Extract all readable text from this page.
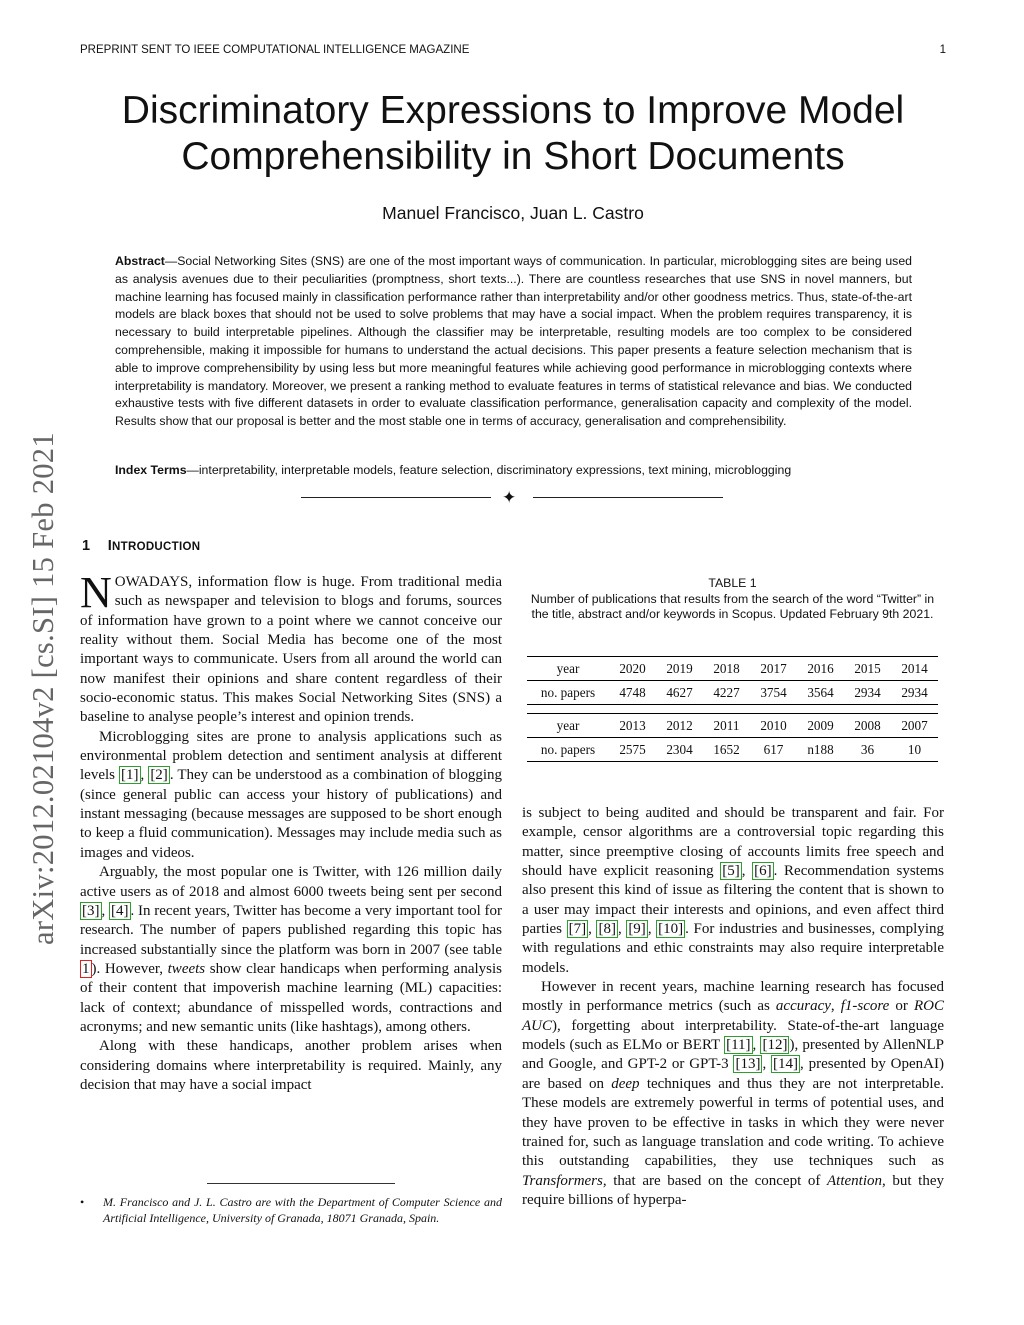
PREPRINT SENT TO IEEE COMPUTATIONAL INTELLIGENCE MAGAZINE	1
arXiv:2012.02104v2 [cs.SI] 15 Feb 2021
Discriminatory Expressions to Improve Model Comprehensibility in Short Documents
Manuel Francisco, Juan L. Castro

Abstract—Social Networking Sites (SNS) are one of the most important ways of communication. In particular, microblogging sites are being used as analysis avenues due to their peculiarities (promptness, short texts...). There are countless researches that use SNS in novel manners, but machine learning has focused mainly in classification performance rather than interpretability and/or other goodness metrics. Thus, state-of-the-art models are black boxes that should not be used to solve problems that may have a social impact. When the problem requires transparency, it is necessary to build interpretable pipelines. Although the classifier may be interpretable, resulting models are too complex to be considered comprehensible, making it impossible for humans to understand the actual decisions. This paper presents a feature selection mechanism that is able to improve comprehensibility by using less but more meaningful features while achieving good performance in microblogging contexts where interpretability is mandatory. Moreover, we present a ranking method to evaluate features in terms of statistical relevance and bias. We conducted exhaustive tests with five different datasets in order to evaluate classification performance, generalisation capacity and complexity of the model. Results show that our proposal is better and the most stable one in terms of accuracy, generalisation and comprehensibility.

Index Terms—interpretability, interpretable models, feature selection, discriminatory expressions, text mining, microblogging

✦
1 INTRODUCTION

NOWADAYS, information flow is huge. From traditional media such as newspaper and television to blogs and forums, sources of information have grown to a point where we cannot conceive our reality without them. Social Media has become one of the most important ways to communicate. Users from all around the world can now manifest their opinions and share content regardless of their socio-economic status. This makes Social Networking Sites (SNS) a baseline to analyse people’s interest and opinion trends.

Microblogging sites are prone to analysis applications such as environmental problem detection and sentiment analysis at different levels [1] , [2] . They can be understood as a combination of blogging (since general public can access your history of publications) and instant messaging (because messages are supposed to be short enough to keep a fluid communication). Messages may include media such as images and videos.

Arguably, the most popular one is Twitter, with 126 million daily active users as of 2018 and almost 6000 tweets being sent per second [3] , [4] . In recent years, Twitter has become a very important tool for research. The number of papers published regarding this topic has increased substantially since the platform was born in 2007 (see table 1 ). However, tweets show clear handicaps when performing analysis of their content that impoverish machine learning (ML) capacities: lack of context; abundance of misspelled words, contractions and acronyms; and new semantic units (like hashtags), among others.

Along with these handicaps, another problem arises when considering domains where interpretability is required. Mainly, any decision that may have a social impact

• M. Francisco and J. L. Castro are with the Department of Computer Science and Artificial Intelligence, University of Granada, 18071 Granada, Spain.
TABLE 1
Number of publications that results from the search of the word “Twitter” in the title, abstract and/or keywords in Scopus. Updated February 9th 2021.
year	2020	2019	2018	2017	2016	2015	2014
no. papers	4748	4627	4227	3754	3564	2934	2934

year	2013	2012	2011	2010	2009	2008	2007
no. papers	2575	2304	1652	617	n188	36	10

is subject to being audited and should be transparent and fair. For example, censor algorithms are a controversial topic regarding this matter, since preemptive closing of accounts limits free speech and should have explicit reasoning [5] , [6] . Recommendation systems also present this kind of issue as filtering the content that is shown to a user may impact their interests and opinions, and even affect third parties [7] , [8] , [9] , [10] . For industries and businesses, complying with regulations and ethic constraints may also require interpretable models.

However in recent years, machine learning research has focused mostly in performance metrics (such as accuracy, f1-score or ROC AUC), forgetting about interpretability. State-of-the-art language models (such as ELMo or BERT [11] , [12] ), presented by AllenNLP and Google, and GPT-2 or GPT-3 [13] , [14] , presented by OpenAI) are based on deep techniques and thus they are not interpretable. These models are extremely powerful in terms of potential uses, and they have proven to be effective in tasks in which they were never trained for, such as language translation and code writing. To achieve this outstanding capabilities, they use techniques such as Transformers, that are based on the concept of Attention, but they require billions of hyperpa-
